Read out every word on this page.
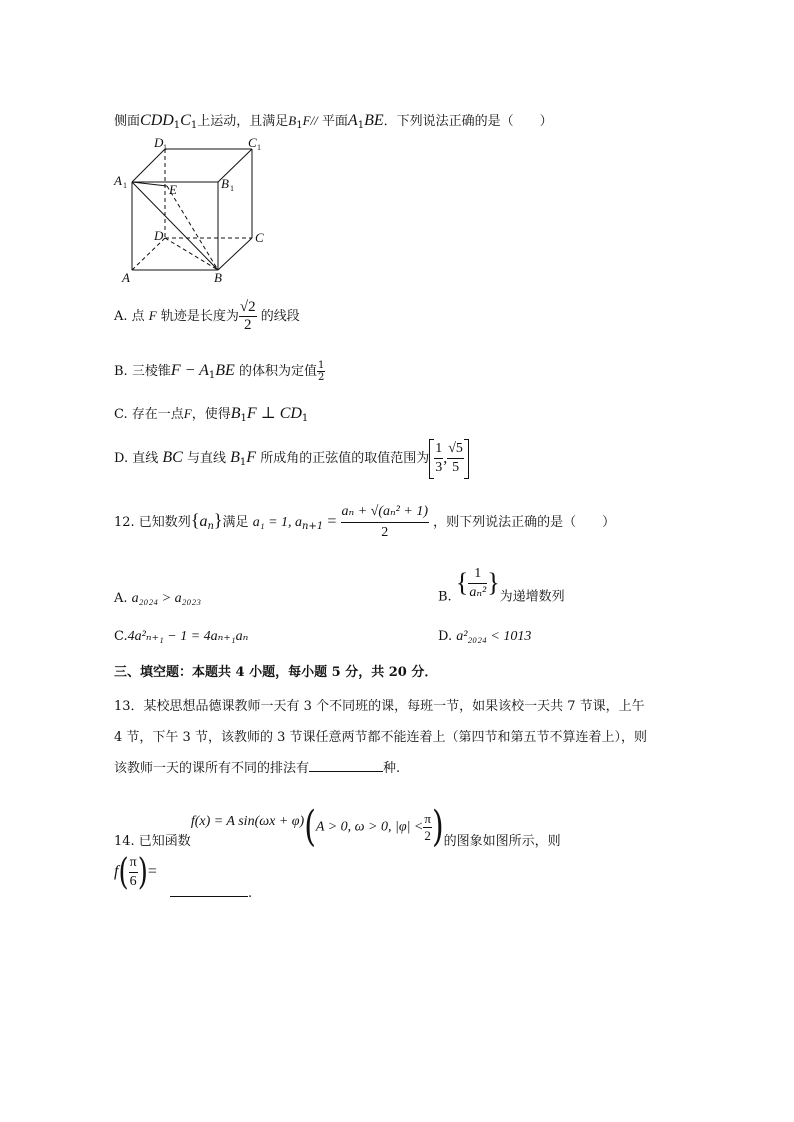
侧面$CDD_1C_1$上运动，且满足$B_1F//$ 平面$A_1BE$．下列说法正确的是（　　）
D 1	C 1
A 1	E	B 1
D	C
A	B
A. 点 F 轨迹是长度为 $\frac{√2}{2}$ 的线段
B. 三棱锥$F - A_1BE$ 的体积为定值 $\frac{1}{2}$
C. 存在一点F，使得$B_1F$ ⊥ $CD_1$
D. 直线 BC 与直线 $B_1F$ 所成角的正弦值的取值范围为 $\frac{1}{3}$ , $\frac{√5}{5}$
12. 已知数列$\{a_n\}$满足 a₁ = 1, $a_{n+1} = \frac{\text{aₙ + √(aₙ² + 1)}}{2}$ ，则下列说法正确的是（　　）
A. a₂₀₂₄ > a₂₀₂₃	B. { $\frac{1}{\text{aₙ²}}$ }为递增数列
C.4a²ₙ₊₁ − 1 = 4aₙ₊₁aₙ	D. a²₂₀₂₄ < 1013
三、填空题：本题共 4 小题，每小题 5 分，共 20 分．
13．某校思想品德课教师一天有 3 个不同班的课，每班一节，如果该校一天共 7 节课，上午
4 节，下午 3 节，该教师的 3 节课任意两节都不能连着上（第四节和第五节不算连着上），则
该教师一天的课所有不同的排法有	种.
14. 已知函数f(x) = A sin(ωx + φ)(A > 0, ω > 0, $|\varphi| < \frac{\pi}{2}$ )的图象如图所示，则
$f( \frac{\pi}{6}$ )=
.
